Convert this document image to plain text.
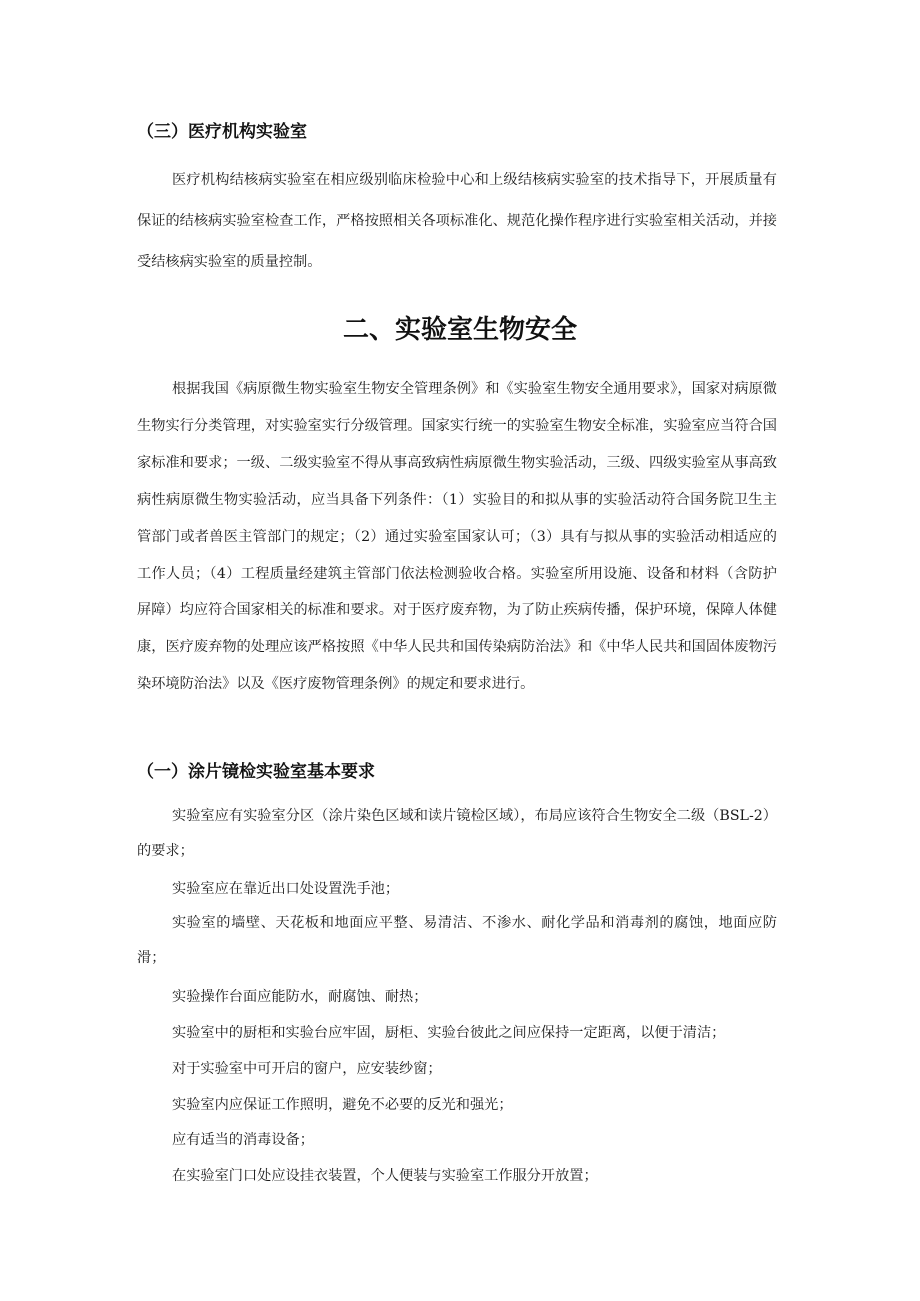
（三）医疗机构实验室

医疗机构结核病实验室在相应级别临床检验中心和上级结核病实验室的技术指导下，开展质量有保证的结核病实验室检查工作，严格按照相关各项标准化、规范化操作程序进行实验室相关活动，并接受结核病实验室的质量控制。

二、实验室生物安全

根据我国《病原微生物实验室生物安全管理条例》和《实验室生物安全通用要求》，国家对病原微生物实行分类管理，对实验室实行分级管理。国家实行统一的实验室生物安全标准，实验室应当符合国家标准和要求；一级、二级实验室不得从事高致病性病原微生物实验活动，三级、四级实验室从事高致病性病原微生物实验活动，应当具备下列条件：（1）实验目的和拟从事的实验活动符合国务院卫生主管部门或者兽医主管部门的规定；（2）通过实验室国家认可；（3）具有与拟从事的实验活动相适应的工作人员；（4）工程质量经建筑主管部门依法检测验收合格。实验室所用设施、设备和材料（含防护屏障）均应符合国家相关的标准和要求。对于医疗废弃物，为了防止疾病传播，保护环境，保障人体健康，医疗废弃物的处理应该严格按照《中华人民共和国传染病防治法》和《中华人民共和国固体废物污染环境防治法》以及《医疗废物管理条例》的规定和要求进行。

（一）涂片镜检实验室基本要求

实验室应有实验室分区（涂片染色区域和读片镜检区域），布局应该符合生物安全二级（BSL-2）的要求；

实验室应在靠近出口处设置洗手池；

实验室的墙壁、天花板和地面应平整、易清洁、不渗水、耐化学品和消毒剂的腐蚀，地面应防滑；

实验操作台面应能防水，耐腐蚀、耐热；

实验室中的厨柜和实验台应牢固，厨柜、实验台彼此之间应保持一定距离，以便于清洁；

对于实验室中可开启的窗户，应安装纱窗；

实验室内应保证工作照明，避免不必要的反光和强光；

应有适当的消毒设备；

在实验室门口处应设挂衣装置，个人便装与实验室工作服分开放置；
